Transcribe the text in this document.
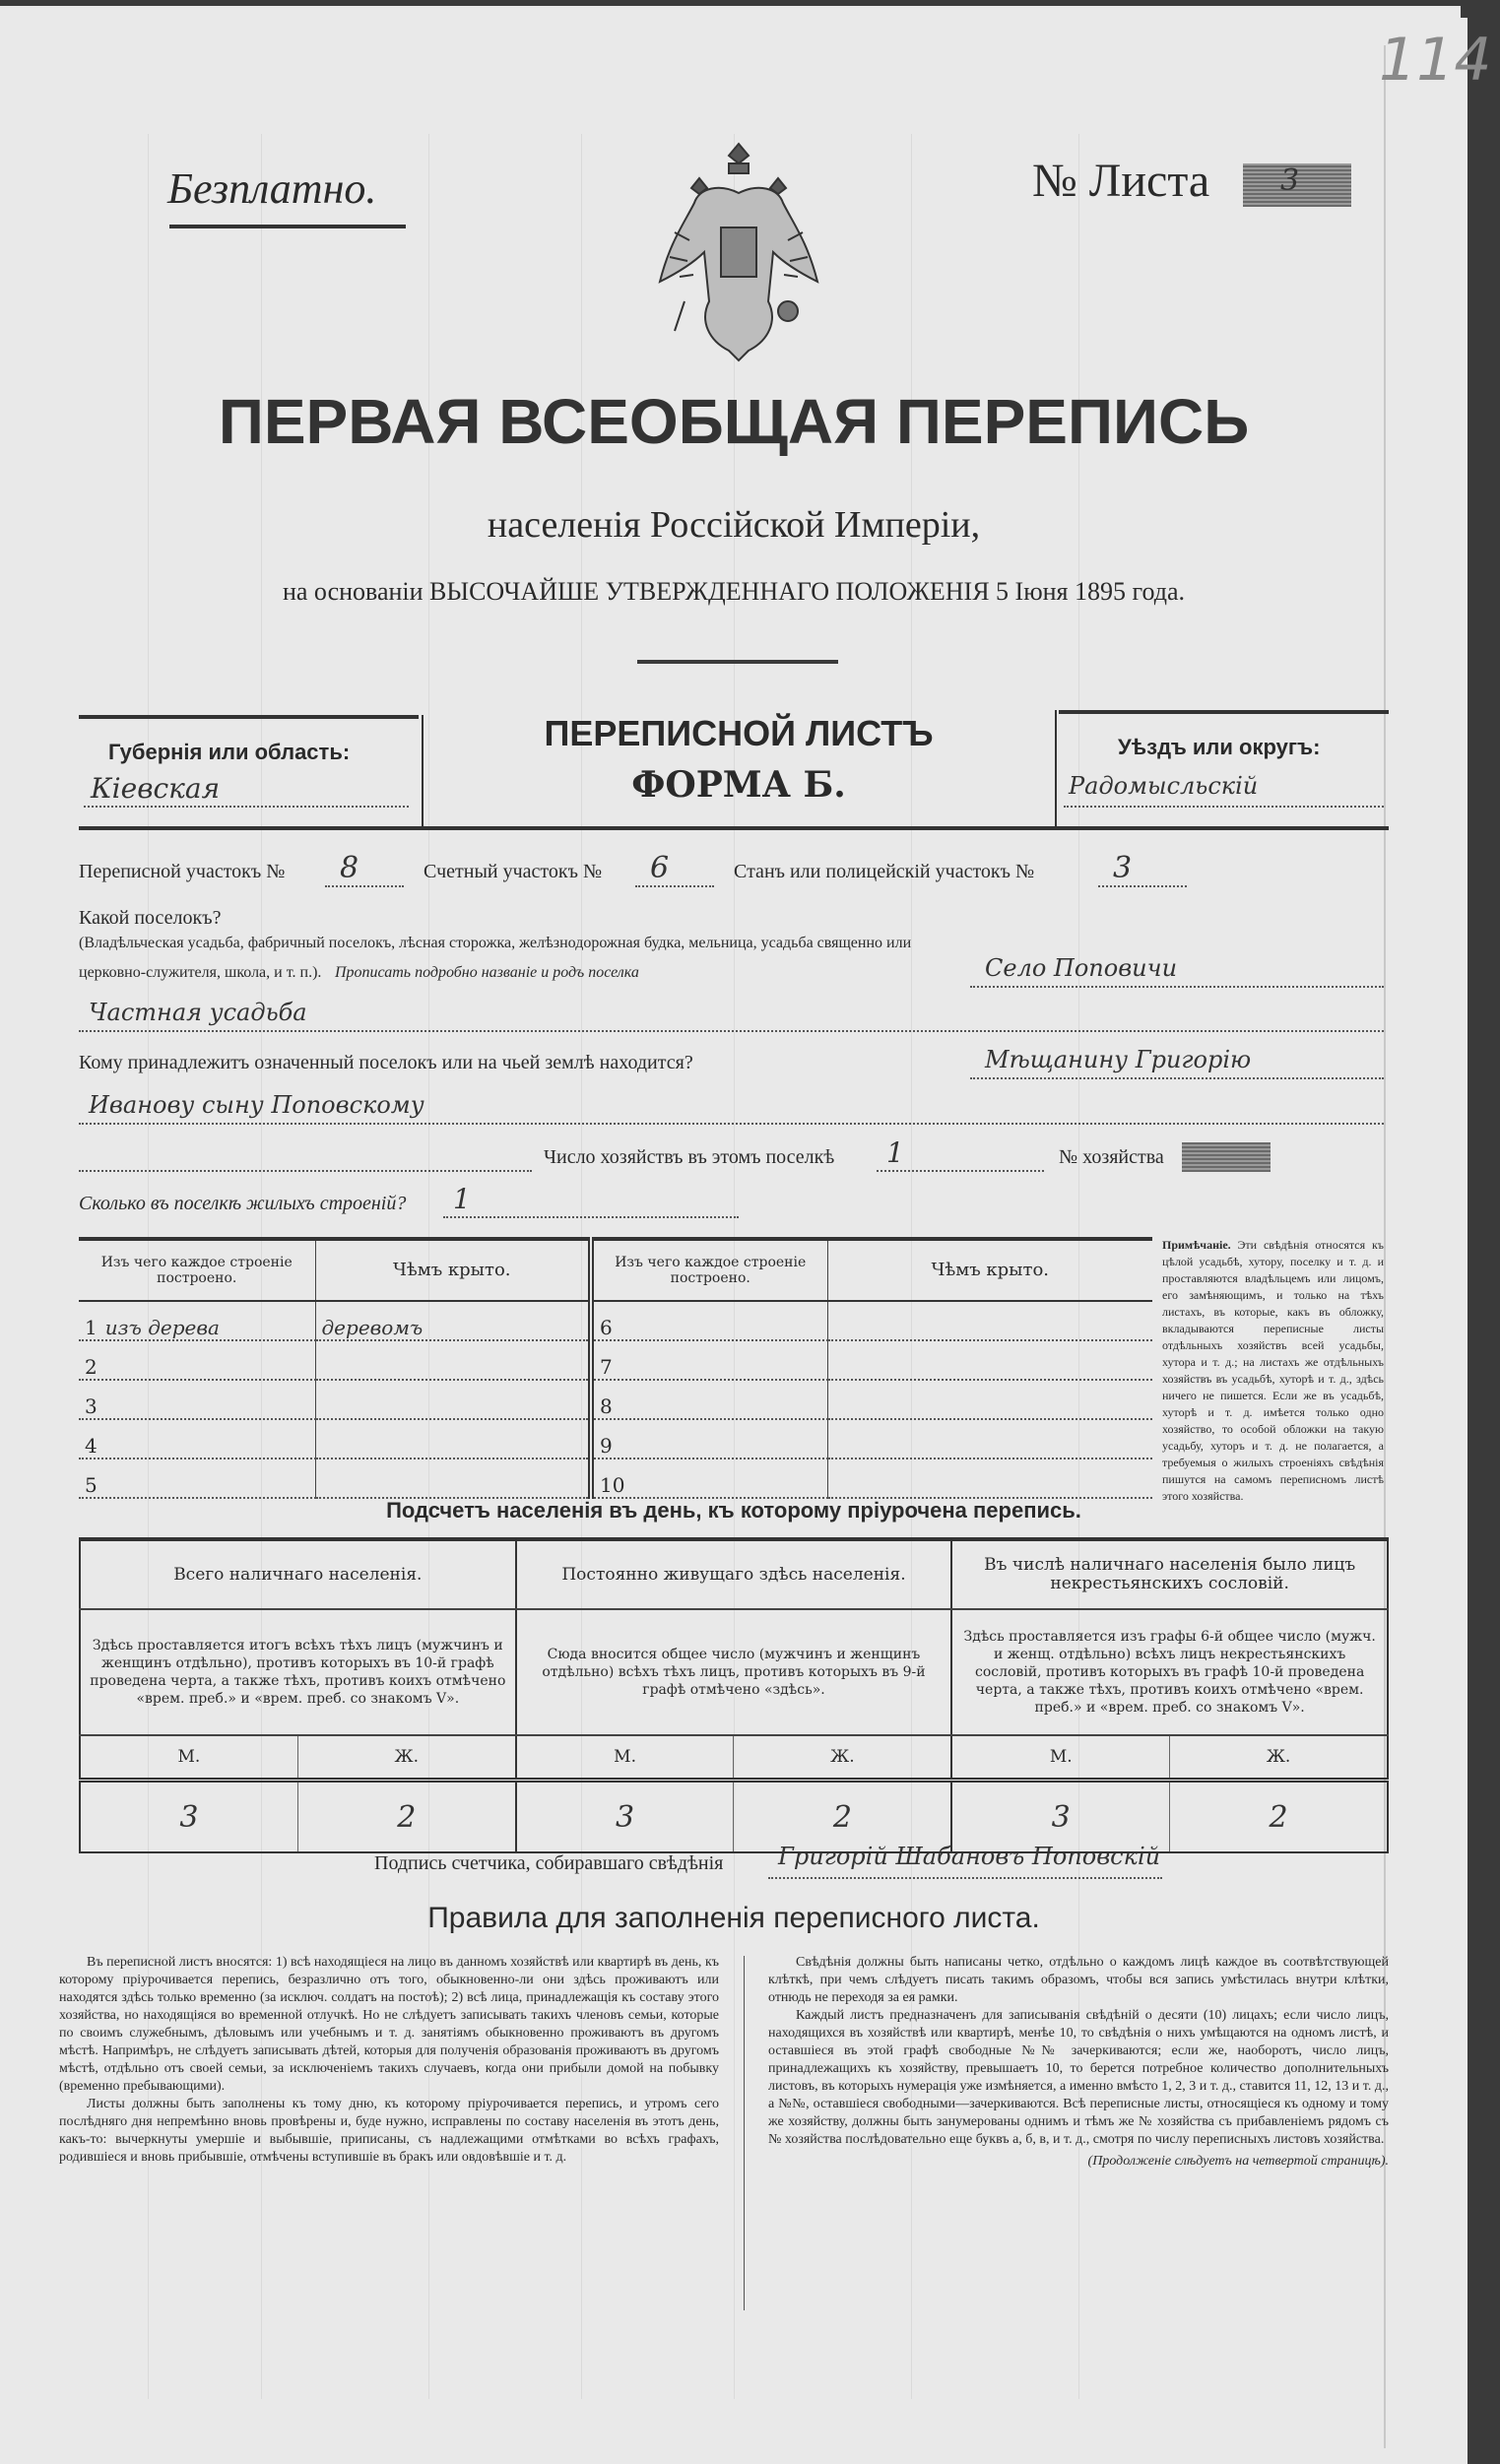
114
Безплатно.	№ Листа 3
ПЕРВАЯ ВСЕОБЩАЯ ПЕРЕПИСЬ
населенія Россійской Имперіи,
на основаніи ВЫСОЧАЙШЕ УТВЕРЖДЕННАГО ПОЛОЖЕНІЯ 5 Іюня 1895 года.
Губернія или область:
Кіевская
ПЕРЕПИСНОЙ ЛИСТЪ
ФОРМА Б.
Уѣздъ или округъ:
Радомысльскій
Переписной участокъ № 8	Счетный участокъ № 6	Станъ или полицейскій участокъ №	3
Какой поселокъ?
(Владѣльческая усадьба, фабричный поселокъ, лѣсная сторожка, желѣзнодорожная будка, мельница, усадьба священно или
церковно-служителя, школа, и т. п.). Прописать подробно названіе и родъ поселка	Село Поповичи
Частная усадьба
Кому принадлежитъ означенный поселокъ или на чьей землѣ находится?	Мѣщанину Григорію
Иванову сыну Поповскому
Число хозяйствъ въ этомъ поселкѣ 1	№ хозяйства
Сколько въ поселкѣ жилыхъ строеній? 1
Изъ чего каждое строеніе построено.	Чѣмъ крыто.	Изъ чего каждое строеніе построено.	Чѣмъ крыто.
1 изъ дерева	деревомъ	6	
2		7	
3		8	
4		9	
5		10	
Примѣчаніе. Эти свѣдѣнія относятся къ цѣлой усадьбѣ, хутору, поселку и т. д. и проставляются владѣльцемъ или лицомъ, его замѣняющимъ, и только на тѣхъ листахъ, въ которые, какъ въ обложку, вкладываются переписные листы отдѣльныхъ хозяйствъ всей усадьбы, хутора и т. д.; на листахъ же отдѣльныхъ хозяйствъ въ усадьбѣ, хуторѣ и т. д., здѣсь ничего не пишется. Если же въ усадьбѣ, хуторѣ и т. д. имѣется только одно хозяйство, то особой обложки на такую усадьбу, хуторъ и т. д. не полагается, а требуемыя о жилыхъ строеніяхъ свѣдѣнія пишутся на самомъ переписномъ листѣ этого хозяйства.
Подсчетъ населенія въ день, къ которому пріурочена перепись.
Всего наличнаго населенія.		Постоянно живущаго здѣсь населенія.		Въ числѣ наличнаго населенія было лицъ некрестьянскихъ сословій.	
Здѣсь проставляется итогъ всѣхъ тѣхъ лицъ (мужчинъ и женщинъ отдѣльно), противъ которыхъ въ 10-й графѣ проведена черта, а также тѣхъ, противъ коихъ отмѣчено «врем. преб.» и «врем. преб. со знакомъ V».		Сюда вносится общее число (мужчинъ и женщинъ отдѣльно) всѣхъ тѣхъ лицъ, противъ которыхъ въ 9-й графѣ отмѣчено «здѣсь».		Здѣсь проставляется изъ графы 6-й общее число (мужч. и женщ. отдѣльно) всѣхъ лицъ некрестьянскихъ сословій, противъ которыхъ въ графѣ 10-й проведена черта, а также тѣхъ, противъ коихъ отмѣчено «врем. преб.» и «врем. преб. со знакомъ V».	
М.	Ж.	М.	Ж.	М.	Ж.
3	2	3	2	3	2
Подпись счетчика, собиравшаго свѣдѣнія Григорій Шабановъ Поповскій
Правила для заполненія переписного листа.

Въ переписной листъ вносятся: 1) всѣ находящіеся на лицо въ данномъ хозяйствѣ или квартирѣ въ день, къ которому пріурочивается перепись, безразлично отъ того, обыкновенно-ли они здѣсь проживаютъ или находятся здѣсь только временно (за исключ. солдатъ на постоѣ); 2) всѣ лица, принадлежащія къ составу этого хозяйства, но находящіяся во временной отлучкѣ. Но не слѣдуетъ записывать такихъ членовъ семьи, которые по своимъ служебнымъ, дѣловымъ или учебнымъ и т. д. занятіямъ обыкновенно проживаютъ въ другомъ мѣстѣ. Напримѣръ, не слѣдуетъ записывать дѣтей, которыя для полученія образованія проживаютъ въ другомъ мѣстѣ, отдѣльно отъ своей семьи, за исключеніемъ такихъ случаевъ, когда они прибыли домой на побывку (временно пребывающими).

Листы должны быть заполнены къ тому дню, къ которому пріурочивается перепись, и утромъ сего послѣдняго дня непремѣнно вновь провѣрены и, буде нужно, исправлены по составу населенія въ этотъ день, какъ-то: вычеркнуты умершіе и выбывшіе, приписаны, съ надлежащими отмѣтками во всѣхъ графахъ, родившіеся и вновь прибывшіе, отмѣчены вступившіе въ бракъ или овдовѣвшіе и т. д.

Свѣдѣнія должны быть написаны четко, отдѣльно о каждомъ лицѣ каждое въ соотвѣтствующей клѣткѣ, при чемъ слѣдуетъ писать такимъ образомъ, чтобы вся запись умѣстилась внутри клѣтки, отнюдь не переходя за ея рамки.

Каждый листъ предназначенъ для записыванія свѣдѣній о десяти (10) лицахъ; если число лицъ, находящихся въ хозяйствѣ или квартирѣ, менѣе 10, то свѣдѣнія о нихъ умѣщаются на одномъ листѣ, и оставшіеся въ этой графѣ свободные №№ зачеркиваются; если же, наоборотъ, число лицъ, принадлежащихъ къ хозяйству, превышаетъ 10, то берется потребное количество дополнительныхъ листовъ, въ которыхъ нумерація уже измѣняется, а именно вмѣсто 1, 2, 3 и т. д., ставится 11, 12, 13 и т. д., а №№, оставшіеся свободными—зачеркиваются. Всѣ переписные листы, относящіеся къ одному и тому же хозяйству, должны быть занумерованы однимъ и тѣмъ же № хозяйства съ прибавленіемъ рядомъ съ № хозяйства послѣдовательно еще буквъ а, б, в, и т. д., смотря по числу переписныхъ листовъ хозяйства.

(Продолженіе слѣдуетъ на четвертой страницѣ).
